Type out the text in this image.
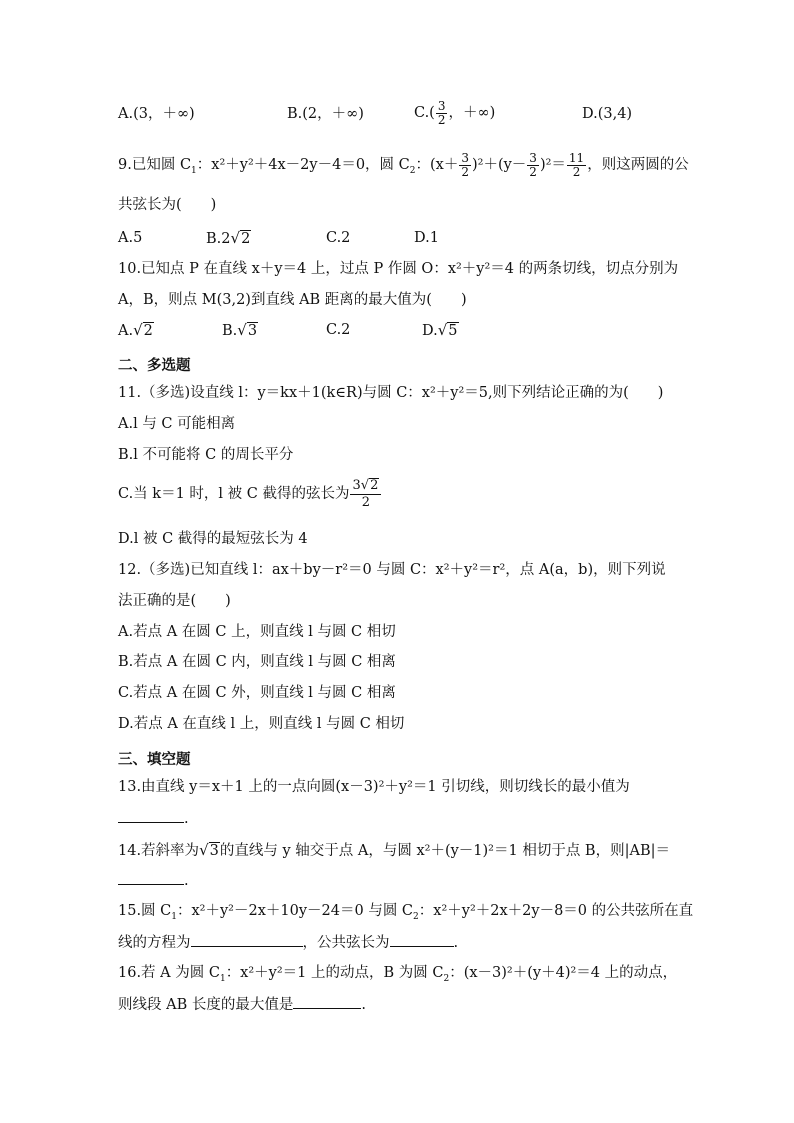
A.(3，＋∞)	B.(2，＋∞)	$C.( \frac{3}{2}$ ，＋∞)	D.(3,4)
9.已知圆 $C_1$：x²＋y²＋4x－2y－4＝0，圆 $C_2$：$(x+ \frac{3}{2} )^2+(y- \frac{3}{2} )^2= \frac{11}{2}$ ，则这两圆的公
共弦长为(　　)
A.5	B.2√2	C.2	D.1
10.已知点 P 在直线 x＋y＝4 上，过点 P 作圆 O：x²＋y²＝4 的两条切线，切点分别为
A，B，则点 M(3,2)到直线 AB 距离的最大值为(　　)
A.√2	B.√3	C.2	D.√5
二、多选题
11.（多选)设直线 l：y＝kx＋1(k∈R)与圆 C：x²＋y²＝5,则下列结论正确的为(　　)
A.l 与 C 可能相离
B.l 不可能将 C 的周长平分
C.当 k＝1 时，l 被 C 截得的弦长为 $\frac{3√2}{2}$
D.l 被 C 截得的最短弦长为 4
12.（多选)已知直线 l：ax＋by－r²＝0 与圆 C：x²＋y²＝r²，点 A(a，b)，则下列说
法正确的是(　　)
A.若点 A 在圆 C 上，则直线 l 与圆 C 相切
B.若点 A 在圆 C 内，则直线 l 与圆 C 相离
C.若点 A 在圆 C 外，则直线 l 与圆 C 相离
D.若点 A 在直线 l 上，则直线 l 与圆 C 相切
三、填空题
13.由直线 y＝x＋1 上的一点向圆(x－3)²＋y²＝1 引切线，则切线长的最小值为
.
14.若斜率为√3的直线与 y 轴交于点 A，与圆 x²＋(y－1)²＝1 相切于点 B，则|AB|＝
.
15.圆 $C_1$：x²＋y²－2x＋10y－24＝0 与圆 $C_2$：x²＋y²＋2x＋2y－8＝0 的公共弦所在直
线的方程为	，公共弦长为	.
16.若 A 为圆 $C_1$：x²＋y²＝1 上的动点，B 为圆 $C_2$：(x－3)²＋(y＋4)²＝4 上的动点，
则线段 AB 长度的最大值是	.
